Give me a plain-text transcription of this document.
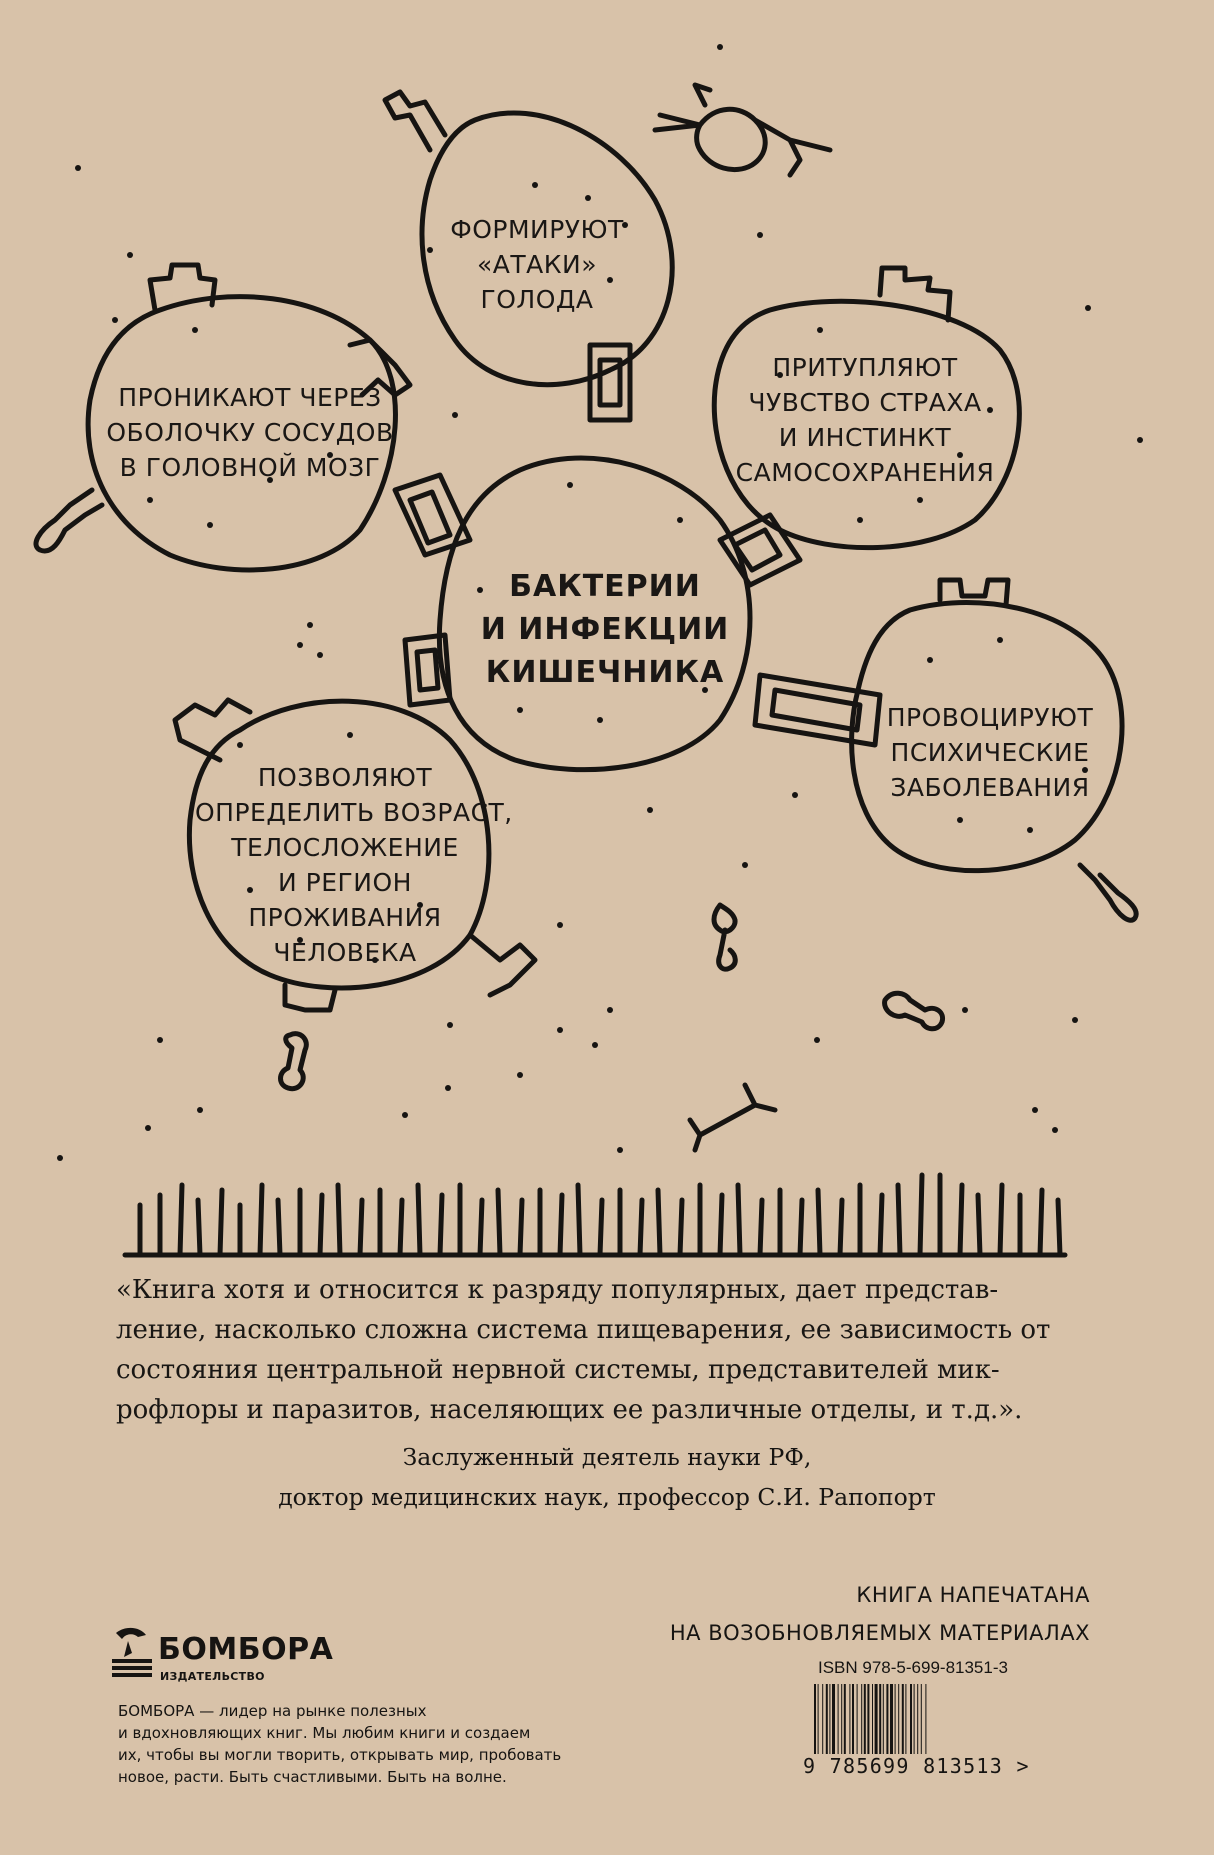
ФОРМИРУЮТ
«АТАКИ»
ГОЛОДА
ПРОНИКАЮТ ЧЕРЕЗ
ОБОЛОЧКУ СОСУДОВ
В ГОЛОВНОЙ МОЗГ
ПРИТУПЛЯЮТ
ЧУВСТВО СТРАХА
И ИНСТИНКТ
САМОСОХРАНЕНИЯ
БАКТЕРИИ
И ИНФЕКЦИИ
КИШЕЧНИКА
ПРОВОЦИРУЮТ
ПСИХИЧЕСКИЕ
ЗАБОЛЕВАНИЯ
ПОЗВОЛЯЮТ
ОПРЕДЕЛИТЬ ВОЗРАСТ,
ТЕЛОСЛОЖЕНИЕ
И РЕГИОН
ПРОЖИВАНИЯ
ЧЕЛОВЕКА
«Книга хотя и относится к разряду популярных, дает представ-
ление, насколько сложна система пищеварения, ее зависимость от
состояния центральной нервной системы, представителей мик-
рофлоры и паразитов, населяющих ее различные отделы, и т.д.».
Заслуженный деятель науки РФ,
доктор медицинских наук, профессор С.И. Рапопорт
КНИГА НАПЕЧАТАНА
НА ВОЗОБНОВЛЯЕМЫХ МАТЕРИАЛАХ
ISBN 978-5-699-81351-3
9 785699 813513 >
БОМБОРА
ИЗДАТЕЛЬСТВО
БОМБОРА — лидер на рынке полезных
и вдохновляющих книг. Мы любим книги и создаем
их, чтобы вы могли творить, открывать мир, пробовать
новое, расти. Быть счастливыми. Быть на волне.
